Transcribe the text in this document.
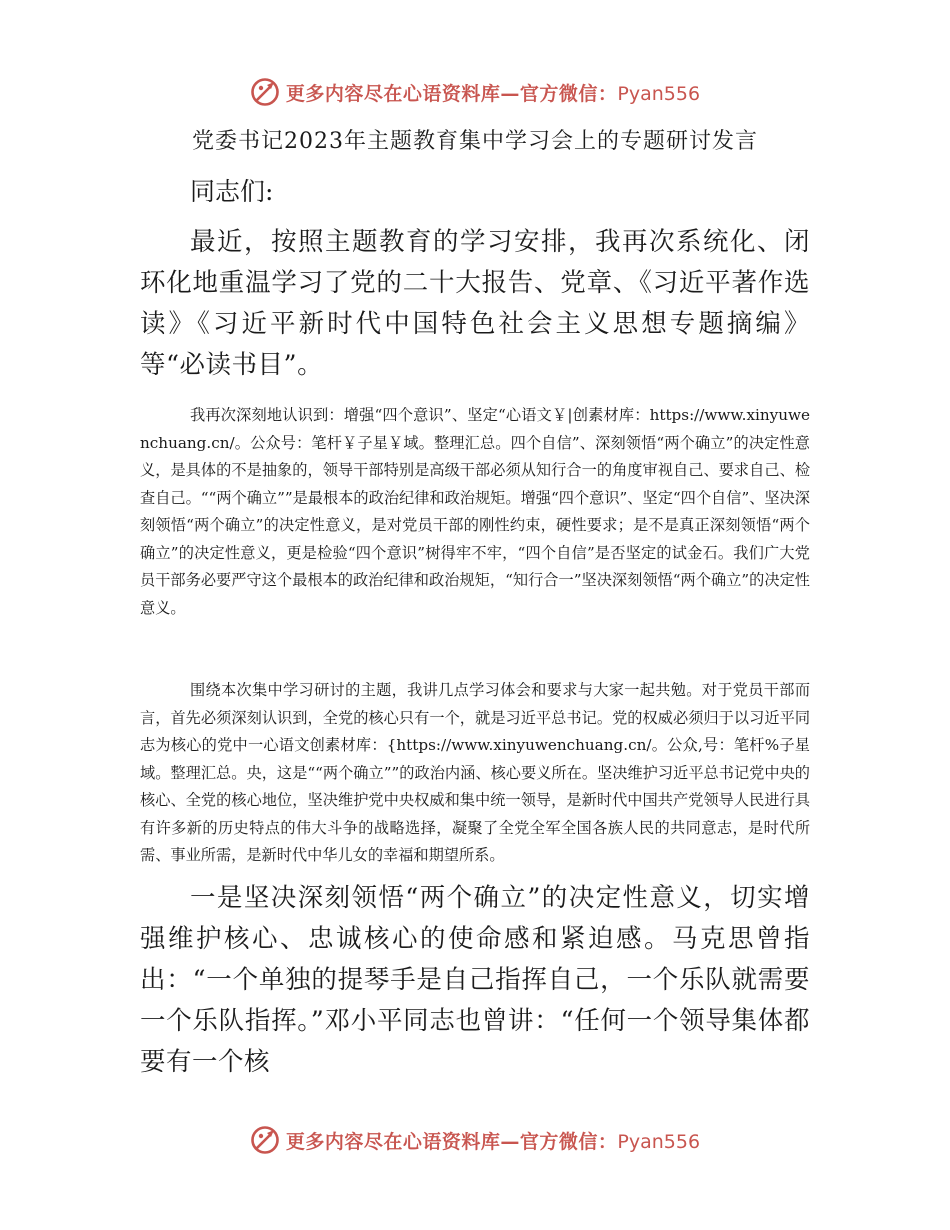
更多内容尽在心语资料库—官方微信：Pyan556
党委书记2023年主题教育集中学习会上的专题研讨发言

同志们:

最近，按照主题教育的学习安排，我再次系统化、闭环化地重温学习了党的二十大报告、党章、《习近平著作选读》《习近平新时代中国特色社会主义思想专题摘编》等“必读书目”。

我再次深刻地认识到：增强“四个意识”、坚定“心语文￥|创素材库：https://www.xinyuwenchuang.cn/。公众号：笔杆￥子星￥域。整理汇总。四个自信”、深刻领悟“两个确立”的决定性意义，是具体的不是抽象的，领导干部特别是高级干部必须从知行合一的角度审视自己、要求自己、检查自己。““两个确立””是最根本的政治纪律和政治规矩。增强“四个意识”、坚定“四个自信”、坚决深刻领悟“两个确立”的决定性意义，是对党员干部的刚性约束，硬性要求；是不是真正深刻领悟“两个确立”的决定性意义，更是检验“四个意识”树得牢不牢，“四个自信”是否坚定的试金石。我们广大党员干部务必要严守这个最根本的政治纪律和政治规矩，“知行合一”坚决深刻领悟“两个确立”的决定性意义。

围绕本次集中学习研讨的主题，我讲几点学习体会和要求与大家一起共勉。对于党员干部而言，首先必须深刻认识到，全党的核心只有一个，就是习近平总书记。党的权威必须归于以习近平同志为核心的党中一心语文创素材库：{https://www.xinyuwenchuang.cn/。公众,号：笔杆%子星域。整理汇总。央，这是““两个确立””的政治内涵、核心要义所在。坚决维护习近平总书记党中央的核心、全党的核心地位，坚决维护党中央权威和集中统一领导，是新时代中国共产党领导人民进行具有许多新的历史特点的伟大斗争的战略选择，凝聚了全党全军全国各族人民的共同意志，是时代所需、事业所需，是新时代中华儿女的幸福和期望所系。

一是坚决深刻领悟“两个确立”的决定性意义，切实增强维护核心、忠诚核心的使命感和紧迫感。马克思曾指出：“一个单独的提琴手是自己指挥自己，一个乐队就需要一个乐队指挥。”邓小平同志也曾讲：“任何一个领导集体都要有一个核

更多内容尽在心语资料库—官方微信：Pyan556
